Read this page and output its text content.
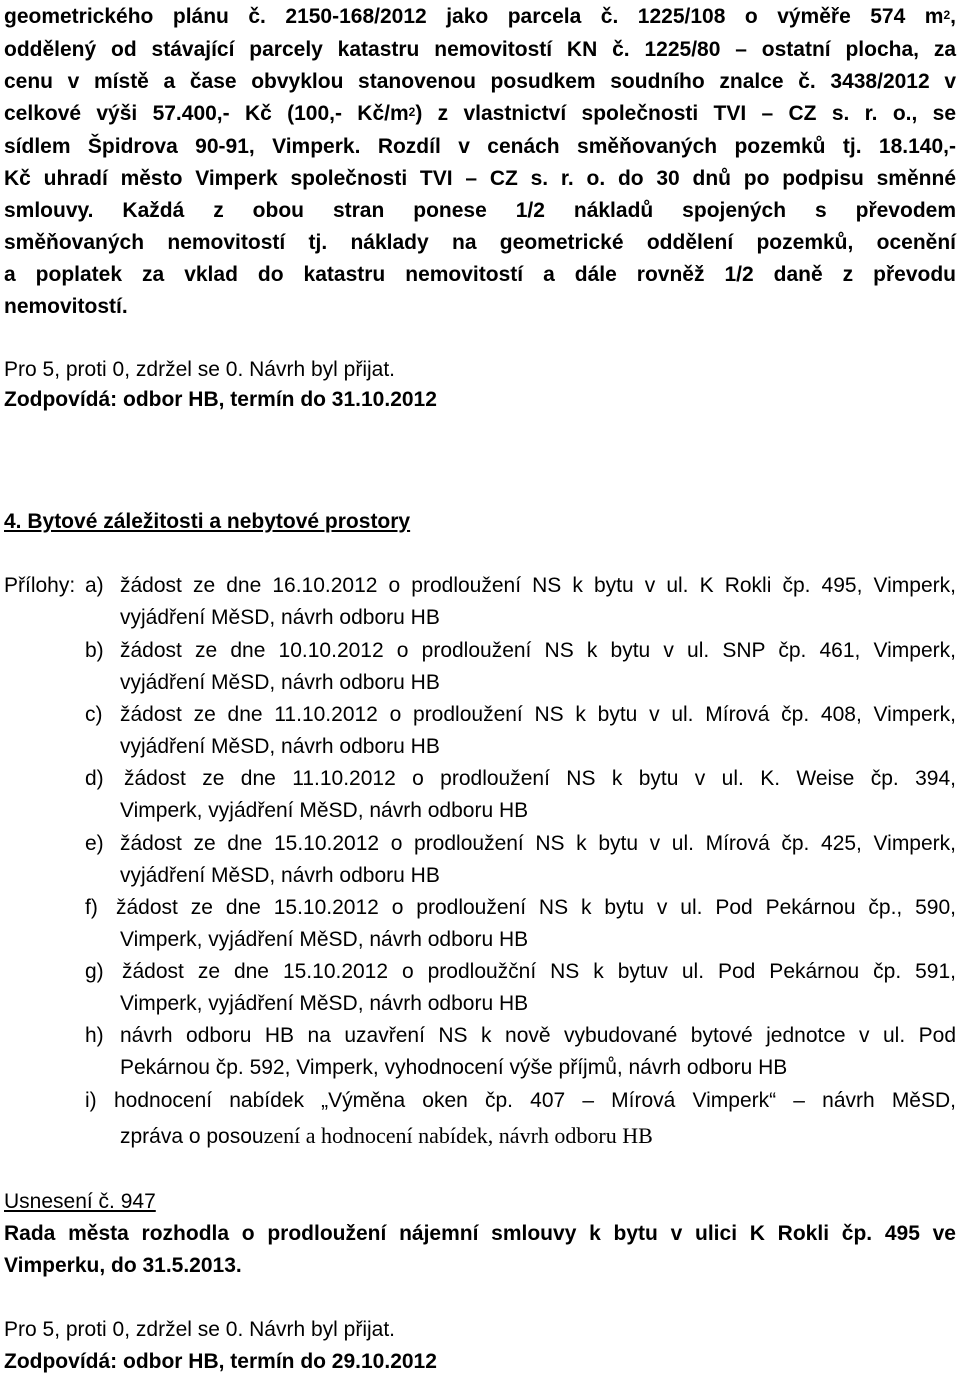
geometrického plánu č. 2150-168/2012 jako parcela č. 1225/108 o výměře 574 $m^2$,
oddělený od stávající parcely katastru nemovitostí KN č. 1225/80 – ostatní plocha, za
cenu v místě a čase obvyklou stanovenou posudkem soudního znalce č. 3438/2012 v
celkové výši 57.400,- Kč (100,- $Kč/m^2$) z vlastnictví společnosti TVI – CZ s. r. o., se
sídlem Špidrova 90-91, Vimperk. Rozdíl v cenách směňovaných pozemků tj. 18.140,-
Kč uhradí město Vimperk společnosti TVI – CZ s. r. o. do 30 dnů po podpisu směnné
smlouvy. Každá z obou stran ponese 1/2 nákladů spojených s převodem
směňovaných nemovitostí tj. náklady na geometrické oddělení pozemků, ocenění
a poplatek za vklad do katastru nemovitostí a dále rovněž 1/2 daně z převodu
nemovitostí.
Pro 5, proti 0, zdržel se 0. Návrh byl přijat.
Zodpovídá: odbor HB, termín do 31.10.2012
4. Bytové záležitosti a nebytové prostory
Přílohy: a) žádost ze dne 16.10.2012 o prodloužení NS k bytu v ul. K Rokli čp. 495, Vimperk,
vyjádření MěSD, návrh odboru HB
b) žádost ze dne 10.10.2012 o prodloužení NS k bytu v ul. SNP čp. 461, Vimperk,
vyjádření MěSD, návrh odboru HB
c) žádost ze dne 11.10.2012 o prodloužení NS k bytu v ul. Mírová čp. 408, Vimperk,
vyjádření MěSD, návrh odboru HB
d) žádost ze dne 11.10.2012 o prodloužení NS k bytu v ul. K. Weise čp. 394,
Vimperk, vyjádření MěSD, návrh odboru HB
e) žádost ze dne 15.10.2012 o prodloužení NS k bytu v ul. Mírová čp. 425, Vimperk,
vyjádření MěSD, návrh odboru HB
f) žádost ze dne 15.10.2012 o prodloužení NS k bytu v ul. Pod Pekárnou čp., 590,
Vimperk, vyjádření MěSD, návrh odboru HB
g) žádost ze dne 15.10.2012 o prodloužční NS k bytuv ul. Pod Pekárnou čp. 591,
Vimperk, vyjádření MěSD, návrh odboru HB
h) návrh odboru HB na uzavření NS k nově vybudované bytové jednotce v ul. Pod
Pekárnou čp. 592, Vimperk, vyhodnocení výše příjmů, návrh odboru HB
i) hodnocení nabídek „Výměna oken čp. 407 – Mírová Vimperk“ – návrh MěSD,
zpráva o posouzení a hodnocení nabídek, návrh odboru HB
Usnesení č. 947
Rada města rozhodla o prodloužení nájemní smlouvy k bytu v ulici K Rokli čp. 495 ve
Vimperku, do 31.5.2013.
Pro 5, proti 0, zdržel se 0. Návrh byl přijat.
Zodpovídá: odbor HB, termín do 29.10.2012
